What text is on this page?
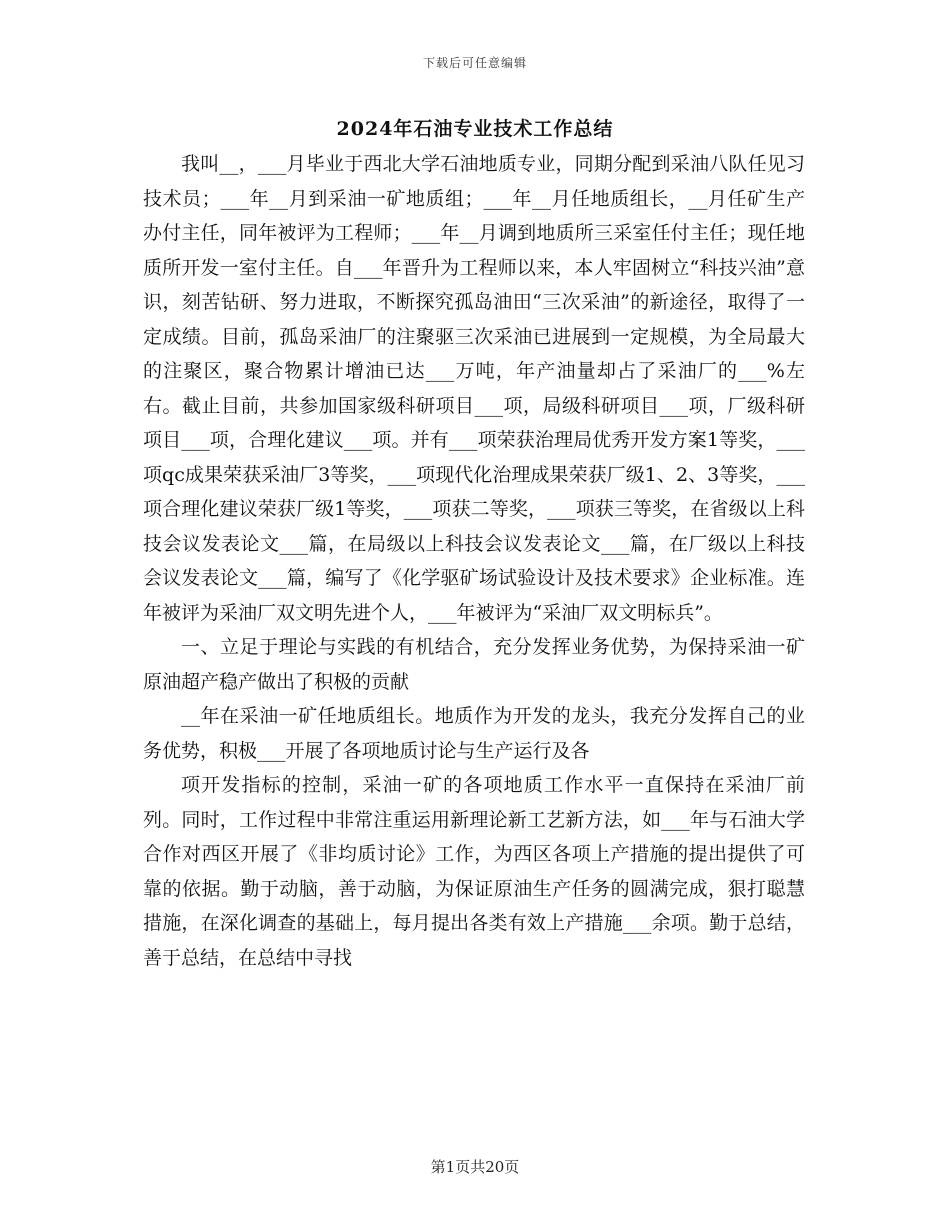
下载后可任意编辑
2024年石油专业技术工作总结

我叫__，___月毕业于西北大学石油地质专业，同期分配到采油八队任见习技术员；___年__月到采油一矿地质组；___年__月任地质组长，__月任矿生产办付主任，同年被评为工程师；___年__月调到地质所三采室任付主任；现任地质所开发一室付主任。自___年晋升为工程师以来，本人牢固树立“科技兴油”意识，刻苦钻研、努力进取，不断探究孤岛油田“三次采油”的新途径，取得了一定成绩。目前，孤岛采油厂的注聚驱三次采油已进展到一定规模，为全局最大的注聚区，聚合物累计增油已达___万吨，年产油量却占了采油厂的___%左右。截止目前，共参加国家级科研项目___项，局级科研项目___项，厂级科研项目___项，合理化建议___项。并有___项荣获治理局优秀开发方案1等奖，___项qc成果荣获采油厂3等奖，___项现代化治理成果荣获厂级1、2、3等奖，___项合理化建议荣获厂级1等奖，___项获二等奖，___项获三等奖，在省级以上科技会议发表论文___篇，在局级以上科技会议发表论文___篇，在厂级以上科技会议发表论文___篇，编写了《化学驱矿场试验设计及技术要求》企业标准。连年被评为采油厂双文明先进个人，___年被评为“采油厂双文明标兵”。

一、立足于理论与实践的有机结合，充分发挥业务优势，为保持采油一矿原油超产稳产做出了积极的贡献

__年在采油一矿任地质组长。地质作为开发的龙头，我充分发挥自己的业务优势，积极___开展了各项地质讨论与生产运行及各

项开发指标的控制，采油一矿的各项地质工作水平一直保持在采油厂前列。同时，工作过程中非常注重运用新理论新工艺新方法，如___年与石油大学合作对西区开展了《非均质讨论》工作，为西区各项上产措施的提出提供了可靠的依据。勤于动脑，善于动脑，为保证原油生产任务的圆满完成，狠打聪慧措施，在深化调查的基础上，每月提出各类有效上产措施___余项。勤于总结，善于总结，在总结中寻找

第1页共20页
